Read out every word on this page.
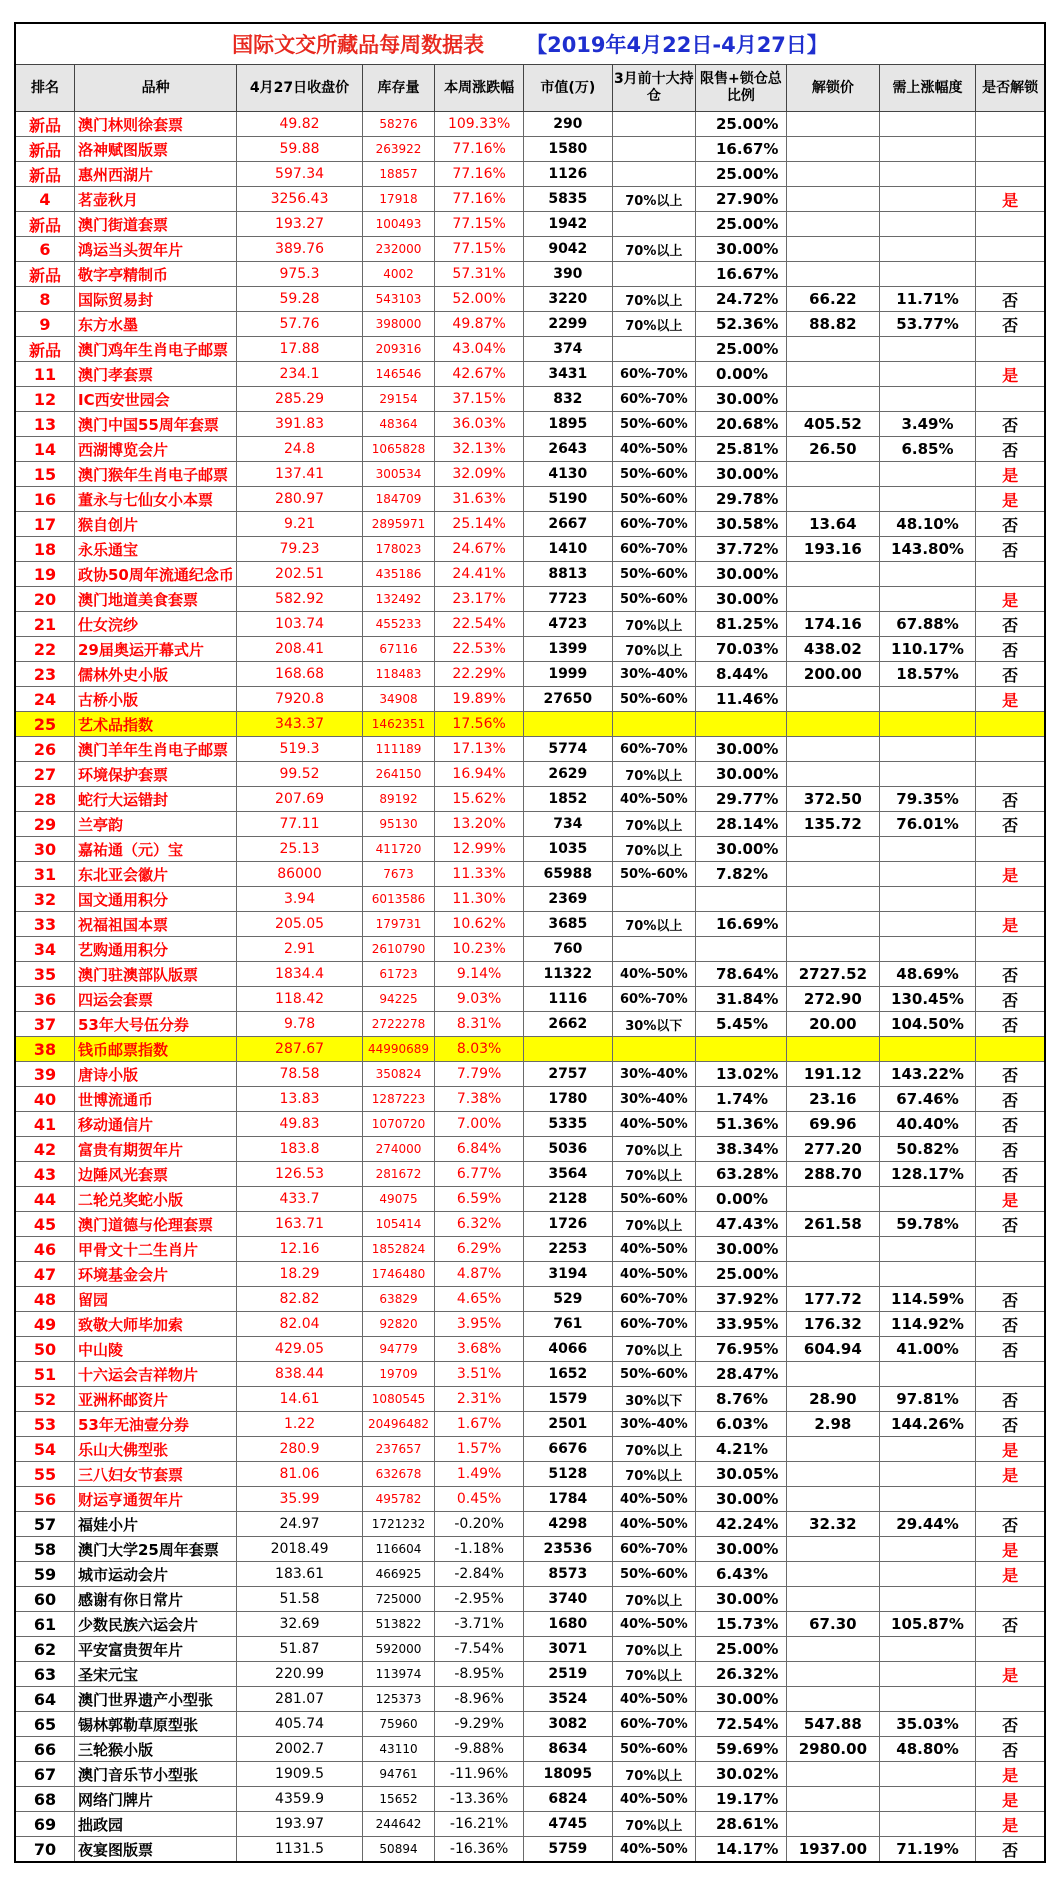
国际文交所藏品每周数据表 【2019年4月22日-4月27日】
排名	品种	4月27日收盘价	库存量	本周涨跌幅	市值(万)	3月前十大持仓	限售+锁仓总比例	解锁价	需上涨幅度	是否解锁
新品	澳门林则徐套票	49.82	58276	109.33%	290		25.00%			
新品	洛神赋图版票	59.88	263922	77.16%	1580		16.67%			
新品	惠州西湖片	597.34	18857	77.16%	1126		25.00%			
4	茗壶秋月	3256.43	17918	77.16%	5835	70%以上	27.90%			是
新品	澳门街道套票	193.27	100493	77.15%	1942		25.00%			
6	鸿运当头贺年片	389.76	232000	77.15%	9042	70%以上	30.00%			
新品	敬字亭精制币	975.3	4002	57.31%	390		16.67%			
8	国际贸易封	59.28	543103	52.00%	3220	70%以上	24.72%	66.22	11.71%	否
9	东方水墨	57.76	398000	49.87%	2299	70%以上	52.36%	88.82	53.77%	否
新品	澳门鸡年生肖电子邮票	17.88	209316	43.04%	374		25.00%			
11	澳门孝套票	234.1	146546	42.67%	3431	60%-70%	0.00%			是
12	IC西安世园会	285.29	29154	37.15%	832	60%-70%	30.00%			
13	澳门中国55周年套票	391.83	48364	36.03%	1895	50%-60%	20.68%	405.52	3.49%	否
14	西湖博览会片	24.8	1065828	32.13%	2643	40%-50%	25.81%	26.50	6.85%	否
15	澳门猴年生肖电子邮票	137.41	300534	32.09%	4130	50%-60%	30.00%			是
16	董永与七仙女小本票	280.97	184709	31.63%	5190	50%-60%	29.78%			是
17	猴自创片	9.21	2895971	25.14%	2667	60%-70%	30.58%	13.64	48.10%	否
18	永乐通宝	79.23	178023	24.67%	1410	60%-70%	37.72%	193.16	143.80%	否
19	政协50周年流通纪念币	202.51	435186	24.41%	8813	50%-60%	30.00%			
20	澳门地道美食套票	582.92	132492	23.17%	7723	50%-60%	30.00%			是
21	仕女浣纱	103.74	455233	22.54%	4723	70%以上	81.25%	174.16	67.88%	否
22	29届奥运开幕式片	208.41	67116	22.53%	1399	70%以上	70.03%	438.02	110.17%	否
23	儒林外史小版	168.68	118483	22.29%	1999	30%-40%	8.44%	200.00	18.57%	否
24	古桥小版	7920.8	34908	19.89%	27650	50%-60%	11.46%			是
25	艺术品指数	343.37	1462351	17.56%						
26	澳门羊年生肖电子邮票	519.3	111189	17.13%	5774	60%-70%	30.00%			
27	环境保护套票	99.52	264150	16.94%	2629	70%以上	30.00%			
28	蛇行大运错封	207.69	89192	15.62%	1852	40%-50%	29.77%	372.50	79.35%	否
29	兰亭韵	77.11	95130	13.20%	734	70%以上	28.14%	135.72	76.01%	否
30	嘉祐通（元）宝	25.13	411720	12.99%	1035	70%以上	30.00%			
31	东北亚会徽片	86000	7673	11.33%	65988	50%-60%	7.82%			是
32	国文通用积分	3.94	6013586	11.30%	2369					
33	祝福祖国本票	205.05	179731	10.62%	3685	70%以上	16.69%			是
34	艺购通用积分	2.91	2610790	10.23%	760					
35	澳门驻澳部队版票	1834.4	61723	9.14%	11322	40%-50%	78.64%	2727.52	48.69%	否
36	四运会套票	118.42	94225	9.03%	1116	60%-70%	31.84%	272.90	130.45%	否
37	53年大号伍分券	9.78	2722278	8.31%	2662	30%以下	5.45%	20.00	104.50%	否
38	钱币邮票指数	287.67	44990689	8.03%						
39	唐诗小版	78.58	350824	7.79%	2757	30%-40%	13.02%	191.12	143.22%	否
40	世博流通币	13.83	1287223	7.38%	1780	30%-40%	1.74%	23.16	67.46%	否
41	移动通信片	49.83	1070720	7.00%	5335	40%-50%	51.36%	69.96	40.40%	否
42	富贵有期贺年片	183.8	274000	6.84%	5036	70%以上	38.34%	277.20	50.82%	否
43	边陲风光套票	126.53	281672	6.77%	3564	70%以上	63.28%	288.70	128.17%	否
44	二轮兑奖蛇小版	433.7	49075	6.59%	2128	50%-60%	0.00%			是
45	澳门道德与伦理套票	163.71	105414	6.32%	1726	70%以上	47.43%	261.58	59.78%	否
46	甲骨文十二生肖片	12.16	1852824	6.29%	2253	40%-50%	30.00%			
47	环境基金会片	18.29	1746480	4.87%	3194	40%-50%	25.00%			
48	留园	82.82	63829	4.65%	529	60%-70%	37.92%	177.72	114.59%	否
49	致敬大师毕加索	82.04	92820	3.95%	761	60%-70%	33.95%	176.32	114.92%	否
50	中山陵	429.05	94779	3.68%	4066	70%以上	76.95%	604.94	41.00%	否
51	十六运会吉祥物片	838.44	19709	3.51%	1652	50%-60%	28.47%			
52	亚洲杯邮资片	14.61	1080545	2.31%	1579	30%以下	8.76%	28.90	97.81%	否
53	53年无油壹分券	1.22	20496482	1.67%	2501	30%-40%	6.03%	2.98	144.26%	否
54	乐山大佛型张	280.9	237657	1.57%	6676	70%以上	4.21%			是
55	三八妇女节套票	81.06	632678	1.49%	5128	70%以上	30.05%			是
56	财运亨通贺年片	35.99	495782	0.45%	1784	40%-50%	30.00%			
57	福娃小片	24.97	1721232	-0.20%	4298	40%-50%	42.24%	32.32	29.44%	否
58	澳门大学25周年套票	2018.49	116604	-1.18%	23536	60%-70%	30.00%			是
59	城市运动会片	183.61	466925	-2.84%	8573	50%-60%	6.43%			是
60	感谢有你日常片	51.58	725000	-2.95%	3740	70%以上	30.00%			
61	少数民族六运会片	32.69	513822	-3.71%	1680	40%-50%	15.73%	67.30	105.87%	否
62	平安富贵贺年片	51.87	592000	-7.54%	3071	70%以上	25.00%			
63	圣宋元宝	220.99	113974	-8.95%	2519	70%以上	26.32%			是
64	澳门世界遗产小型张	281.07	125373	-8.96%	3524	40%-50%	30.00%			
65	锡林郭勒草原型张	405.74	75960	-9.29%	3082	60%-70%	72.54%	547.88	35.03%	否
66	三轮猴小版	2002.7	43110	-9.88%	8634	50%-60%	59.69%	2980.00	48.80%	否
67	澳门音乐节小型张	1909.5	94761	-11.96%	18095	70%以上	30.02%			是
68	网络门牌片	4359.9	15652	-13.36%	6824	40%-50%	19.17%			是
69	拙政园	193.97	244642	-16.21%	4745	70%以上	28.61%			是
70	夜宴图版票	1131.5	50894	-16.36%	5759	40%-50%	14.17%	1937.00	71.19%	否
